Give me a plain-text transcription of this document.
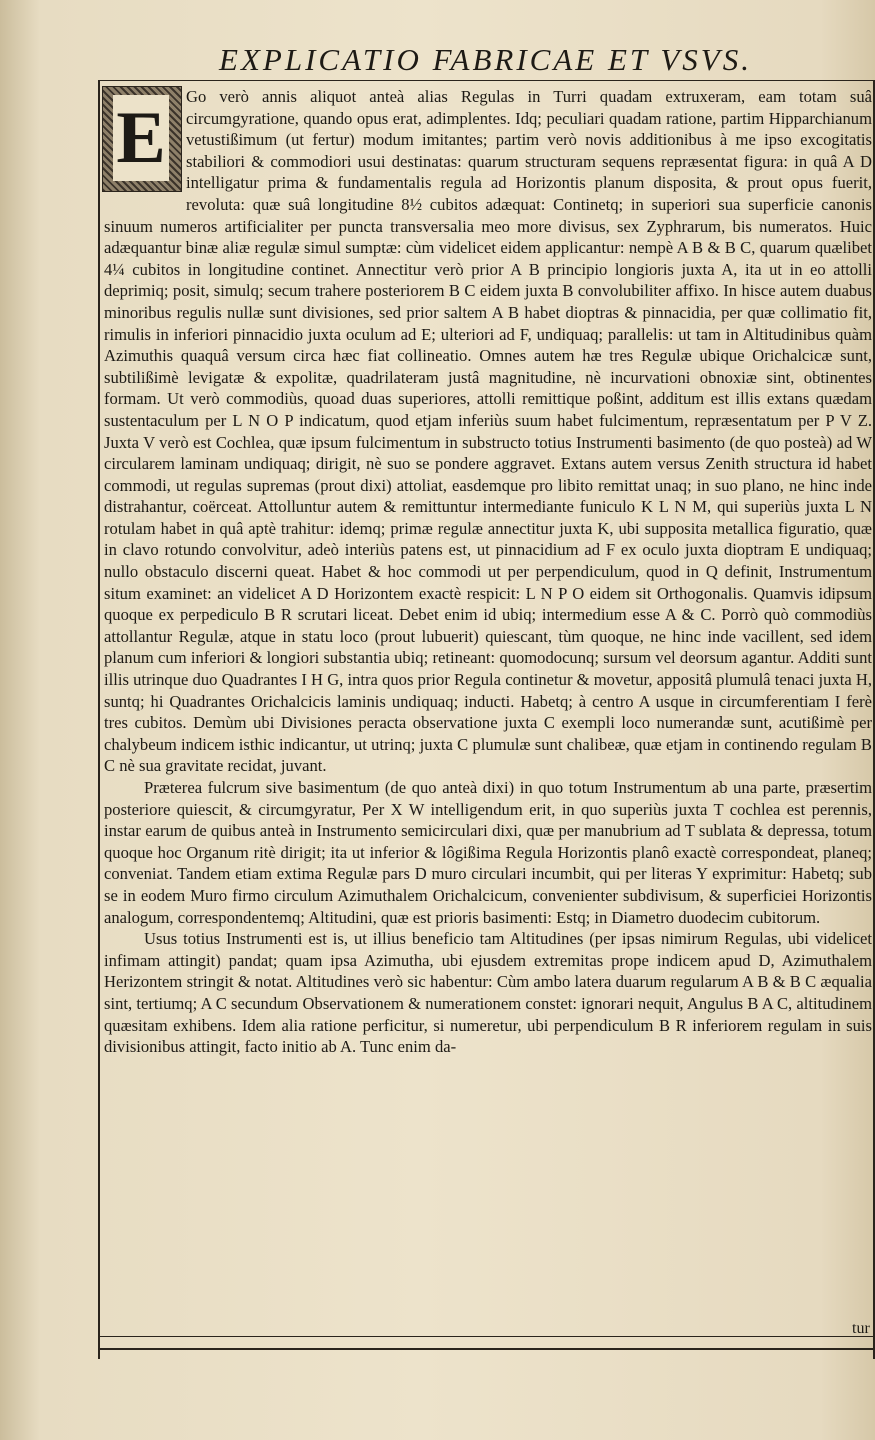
EXPLICATIO FABRICAE ET VSVS.
E

Go verò annis aliquot anteà alias Regulas in Turri quadam extruxeram, eam totam suâ circumgyratione, quando opus erat, adimplentes. Idq; peculiari quadam ratione, partim Hipparchianum vetustißimum (ut fertur) modum imitantes; partim verò novis additionibus à me ipso excogitatis stabiliori & commodiori usui destinatas: quarum structuram sequens repræsentat figura: in quâ A D intelligatur prima & fundamentalis regula ad Horizontis planum disposita, & prout opus fuerit, revoluta: quæ suâ longitudine 8½ cubitos adæquat: Continetq; in superiori sua superficie canonis sinuum numeros artificialiter per puncta transversalia meo more divisus, sex Zyphrarum, bis numeratos. Huic adæquantur binæ aliæ regulæ simul sumptæ: cùm videlicet eidem applicantur: nempè A B & B C, quarum quælibet 4¼ cubitos in longitudine continet. Annectitur verò prior A B principio longioris juxta A, ita ut in eo attolli deprimiq; posit, simulq; secum trahere posteriorem B C eidem juxta B convolubiliter affixo. In hisce autem duabus minoribus regulis nullæ sunt divisiones, sed prior saltem A B habet dioptras & pinnacidia, per quæ collimatio fit, rimulis in inferiori pinnacidio juxta oculum ad E; ulteriori ad F, undiquaq; parallelis: ut tam in Altitudinibus quàm Azimuthis quaquâ versum circa hæc fiat collineatio. Omnes autem hæ tres Regulæ ubique Orichalcicæ sunt, subtilißimè levigatæ & expolitæ, quadrilateram justâ magnitudine, nè incurvationi obnoxiæ sint, obtinentes formam. Ut verò commodiùs, quoad duas superiores, attolli remittique poßint, additum est illis extans quædam sustentaculum per L N O P indicatum, quod etjam inferiùs suum habet fulcimentum, repræsentatum per P V Z. Juxta V verò est Cochlea, quæ ipsum fulcimentum in substructo totius Instrumenti basimento (de quo posteà) ad W circularem laminam undiquaq; dirigit, nè suo se pondere aggravet. Extans autem versus Zenith structura id habet commodi, ut regulas supremas (prout dixi) attoliat, easdemque pro libito remittat unaq; in suo plano, ne hinc inde distrahantur, coërceat. Attolluntur autem & remittuntur intermediante funiculo K L N M, qui superiùs juxta L N rotulam habet in quâ aptè trahitur: idemq; primæ regulæ annectitur juxta K, ubi supposita metallica figuratio, quæ in clavo rotundo convolvitur, adeò interiùs patens est, ut pinnacidium ad F ex oculo juxta dioptram E undiquaq; nullo obstaculo discerni queat. Habet & hoc commodi ut per perpendiculum, quod in Q definit, Instrumentum situm examinet: an videlicet A D Horizontem exactè respicit: L N P O eidem sit Orthogonalis. Quamvis idipsum quoque ex perpediculo B R scrutari liceat. Debet enim id ubiq; intermedium esse A & C. Porrò quò commodiùs attollantur Regulæ, atque in statu loco (prout lubuerit) quiescant, tùm quoque, ne hinc inde vacillent, sed idem planum cum inferiori & longiori substantia ubiq; retineant: quomodocunq; sursum vel deorsum agantur. Additi sunt illis utrinque duo Quadrantes I H G, intra quos prior Regula continetur & movetur, appositâ plumulâ tenaci juxta H, suntq; hi Quadrantes Orichalcicis laminis undiquaq; inducti. Habetq; à centro A usque in circumferentiam I ferè tres cubitos. Demùm ubi Divisiones peracta observatione juxta C exempli loco numerandæ sunt, acutißimè per chalybeum indicem isthic indicantur, ut utrinq; juxta C plumulæ sunt chalibeæ, quæ etjam in continendo regulam B C nè sua gravitate recidat, juvant.

Præterea fulcrum sive basimentum (de quo anteà dixi) in quo totum Instrumentum ab una parte, præsertim posteriore quiescit, & circumgyratur, Per X W intelligendum erit, in quo superiùs juxta T cochlea est perennis, instar earum de quibus anteà in Instrumento semicirculari dixi, quæ per manubrium ad T sublata & depressa, totum quoque hoc Organum ritè dirigit; ita ut inferior & lôgißima Regula Horizontis planô exactè correspondeat, planeq; conveniat. Tandem etiam extima Regulæ pars D muro circulari incumbit, qui per literas Y exprimitur: Habetq; sub se in eodem Muro firmo circulum Azimuthalem Orichalcicum, convenienter subdivisum, & superficiei Horizontis analogum, correspondentemq; Altitudini, quæ est prioris basimenti: Estq; in Diametro duodecim cubitorum.

Usus totius Instrumenti est is, ut illius beneficio tam Altitudines (per ipsas nimirum Regulas, ubi videlicet infimam attingit) pandat; quam ipsa Azimutha, ubi ejusdem extremitas prope indicem apud D, Azimuthalem Herizontem stringit & notat. Altitudines verò sic habentur: Cùm ambo latera duarum regularum A B & B C æqualia sint, tertiumq; A C secundum Observationem & numerationem constet: ignorari nequit, Angulus B A C, altitudinem quæsitam exhibens. Idem alia ratione perficitur, si numeretur, ubi perpendiculum B R inferiorem regulam in suis divisionibus attingit, facto initio ab A. Tunc enim da-

tur
